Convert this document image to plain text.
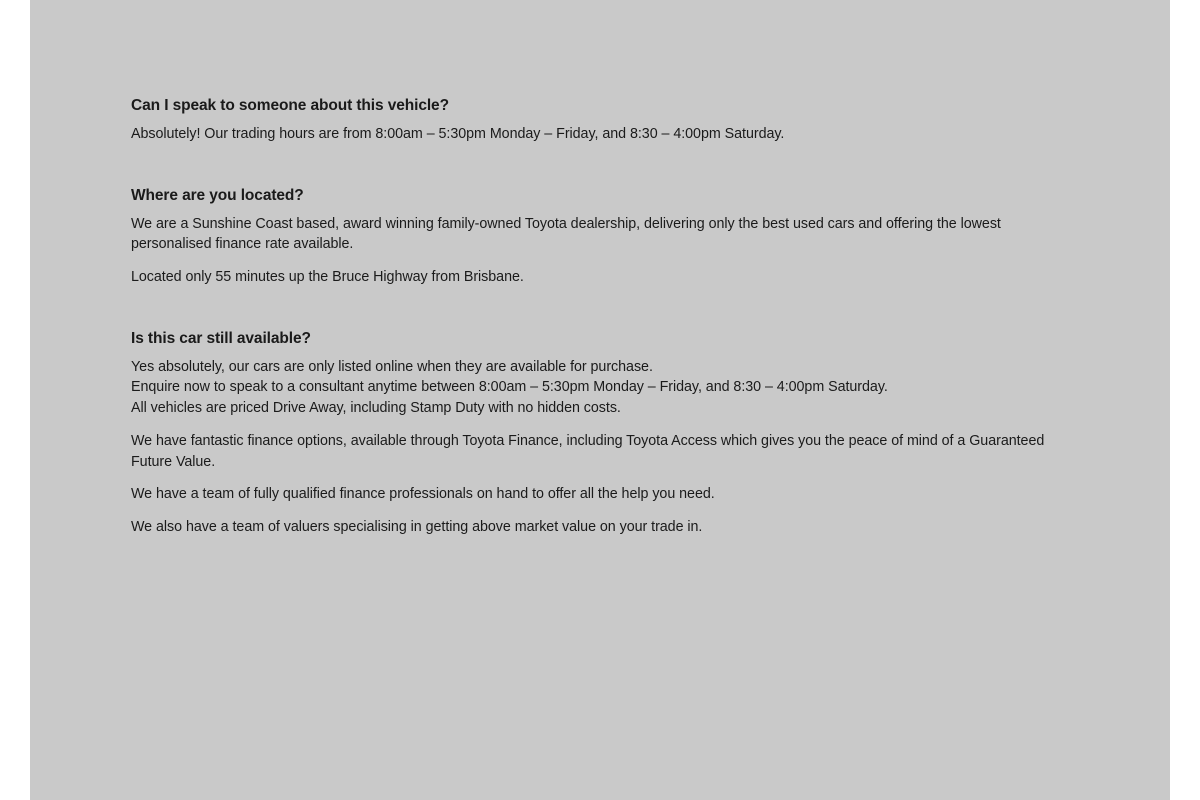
Can I speak to someone about this vehicle?

Absolutely! Our trading hours are from 8:00am – 5:30pm Monday – Friday, and 8:30 – 4:00pm Saturday.

Where are you located?

We are a Sunshine Coast based, award winning family-owned Toyota dealership, delivering only the best used cars and offering the lowest personalised finance rate available.

Located only 55 minutes up the Bruce Highway from Brisbane.

Is this car still available?

Yes absolutely, our cars are only listed online when they are available for purchase.

Enquire now to speak to a consultant anytime between 8:00am – 5:30pm Monday – Friday, and 8:30 – 4:00pm Saturday.

All vehicles are priced Drive Away, including Stamp Duty with no hidden costs.

We have fantastic finance options, available through Toyota Finance, including Toyota Access which gives you the peace of mind of a Guaranteed Future Value.

We have a team of fully qualified finance professionals on hand to offer all the help you need.

We also have a team of valuers specialising in getting above market value on your trade in.
